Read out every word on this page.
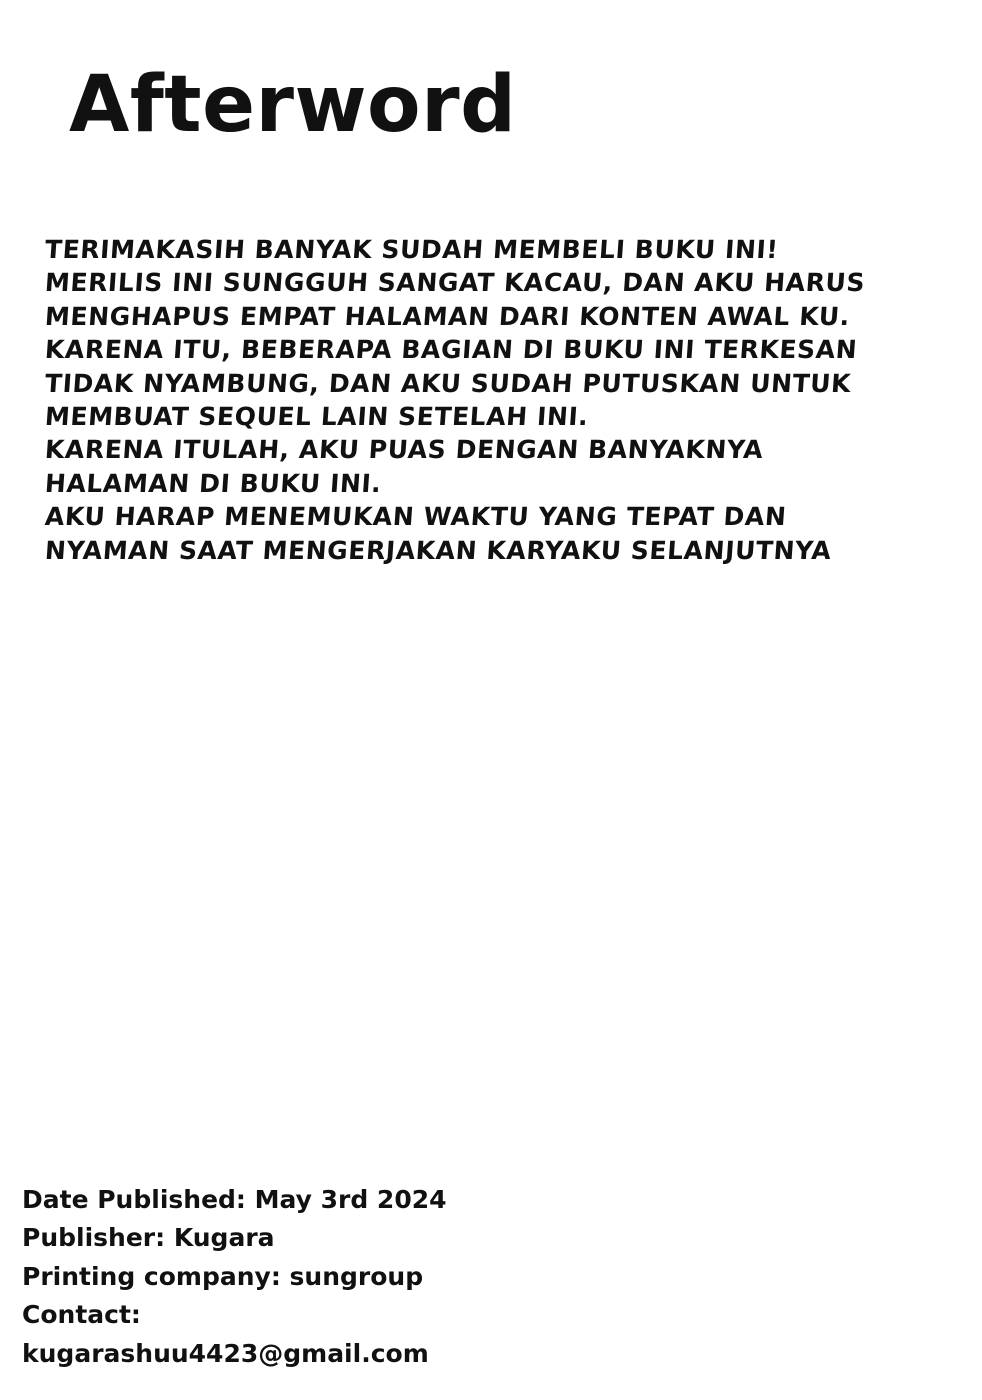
Afterword
TERIMAKASIH BANYAK SUDAH MEMBELI BUKU INI!
MERILIS INI SUNGGUH SANGAT KACAU, DAN AKU HARUS
MENGHAPUS EMPAT HALAMAN DARI KONTEN AWAL KU.
KARENA ITU, BEBERAPA BAGIAN DI BUKU INI TERKESAN
TIDAK NYAMBUNG, DAN AKU SUDAH PUTUSKAN UNTUK
MEMBUAT SEQUEL LAIN SETELAH INI.
KARENA ITULAH, AKU PUAS DENGAN BANYAKNYA
HALAMAN DI BUKU INI.
AKU HARAP MENEMUKAN WAKTU YANG TEPAT DAN
NYAMAN SAAT MENGERJAKAN KARYAKU SELANJUTNYA
Date Published: May 3rd 2024
Publisher: Kugara
Printing company: sungroup
Contact:
kugarashuu4423@gmail.com
